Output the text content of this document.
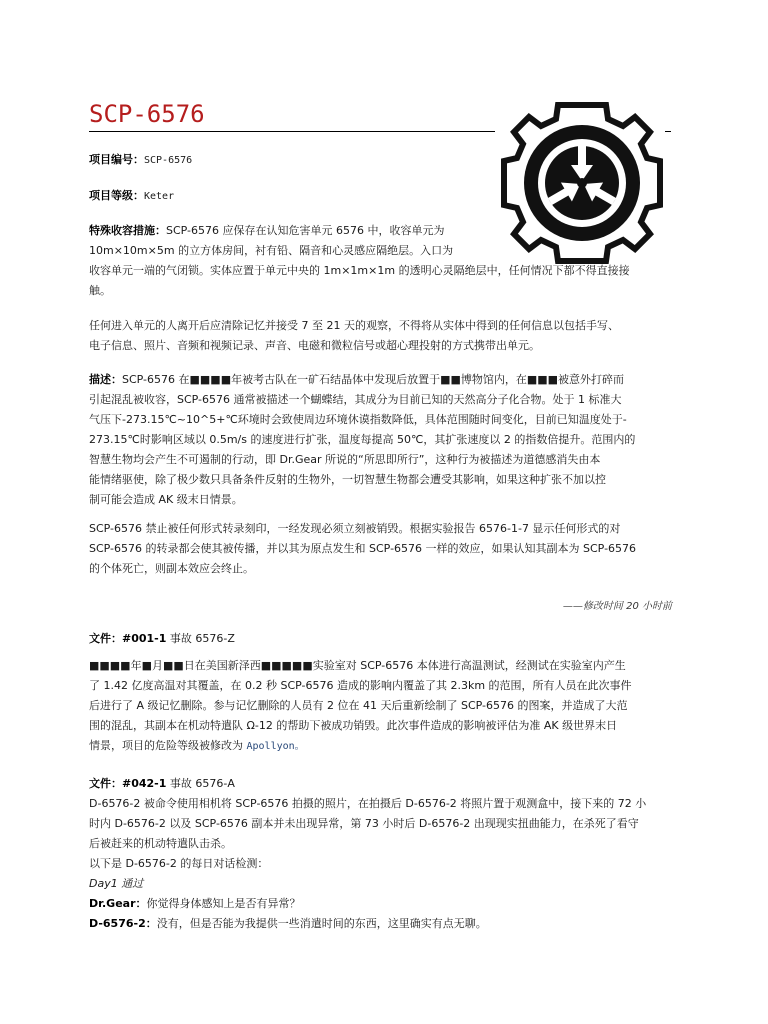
SCP-6576
项目编号：SCP-6576
项目等级：Keter
特殊收容措施：SCP-6576 应保存在认知危害单元 6576 中，收容单元为
10m×10m×5m 的立方体房间，衬有铅、隔音和心灵感应隔绝层。入口为
收容单元一端的气闭锁。实体应置于单元中央的 1m×1m×1m 的透明心灵隔绝层中，任何情况下都不得直接接
触。
任何进入单元的人离开后应清除记忆并接受 7 至 21 天的观察，不得将从实体中得到的任何信息以包括手写、
电子信息、照片、音频和视频记录、声音、电磁和微粒信号或超心理投射的方式携带出单元。
描述：SCP-6576 在■■■■年被考古队在一矿石结晶体中发现后放置于■■博物馆内，在■■■被意外打碎而
引起混乱被收容，SCP-6576 通常被描述一个蝴蝶结，其成分为目前已知的天然高分子化合物。处于 1 标准大
气压下-273.15℃~10^5+℃环境时会致使周边环境休谟指数降低，具体范围随时间变化，目前已知温度处于-
273.15℃时影响区域以 0.5m/s 的速度进行扩张，温度每提高 50℃，其扩张速度以 2 的指数倍提升。范围内的
智慧生物均会产生不可遏制的行动，即 Dr.Gear 所说的“所思即所行”，这种行为被描述为道德感消失由本
能情绪驱使，除了极少数只具备条件反射的生物外，一切智慧生物都会遭受其影响，如果这种扩张不加以控
制可能会造成 AK 级末日情景。
SCP-6576 禁止被任何形式转录刻印，一经发现必须立刻被销毁。根据实验报告 6576-1-7 显示任何形式的对
SCP-6576 的转录都会使其被传播，并以其为原点发生和 SCP-6576 一样的效应，如果认知其副本为 SCP-6576
的个体死亡，则副本效应会终止。
——修改时间 20 小时前
文件：#001-1 事故 6576-Z
■■■■年■月■■日在美国新泽西■■■■■实验室对 SCP-6576 本体进行高温测试，经测试在实验室内产生
了 1.42 亿度高温对其覆盖，在 0.2 秒 SCP-6576 造成的影响内覆盖了其 2.3km 的范围，所有人员在此次事件
后进行了 A 级记忆删除。参与记忆删除的人员有 2 位在 41 天后重新绘制了 SCP-6576 的图案，并造成了大范
围的混乱，其副本在机动特遣队 Ω-12 的帮助下被成功销毁。此次事件造成的影响被评估为准 AK 级世界末日
情景，项目的危险等级被修改为 Apollyon。
文件：#042-1 事故 6576-A
D-6576-2 被命令使用相机将 SCP-6576 拍摄的照片，在拍摄后 D-6576-2 将照片置于观测盒中，接下来的 72 小
时内 D-6576-2 以及 SCP-6576 副本并未出现异常，第 73 小时后 D-6576-2 出现现实扭曲能力，在杀死了看守
后被赶来的机动特遣队击杀。
以下是 D-6576-2 的每日对话检测：
Day1 通过
Dr.Gear：你觉得身体感知上是否有异常？
D-6576-2：没有，但是否能为我提供一些消遣时间的东西，这里确实有点无聊。
